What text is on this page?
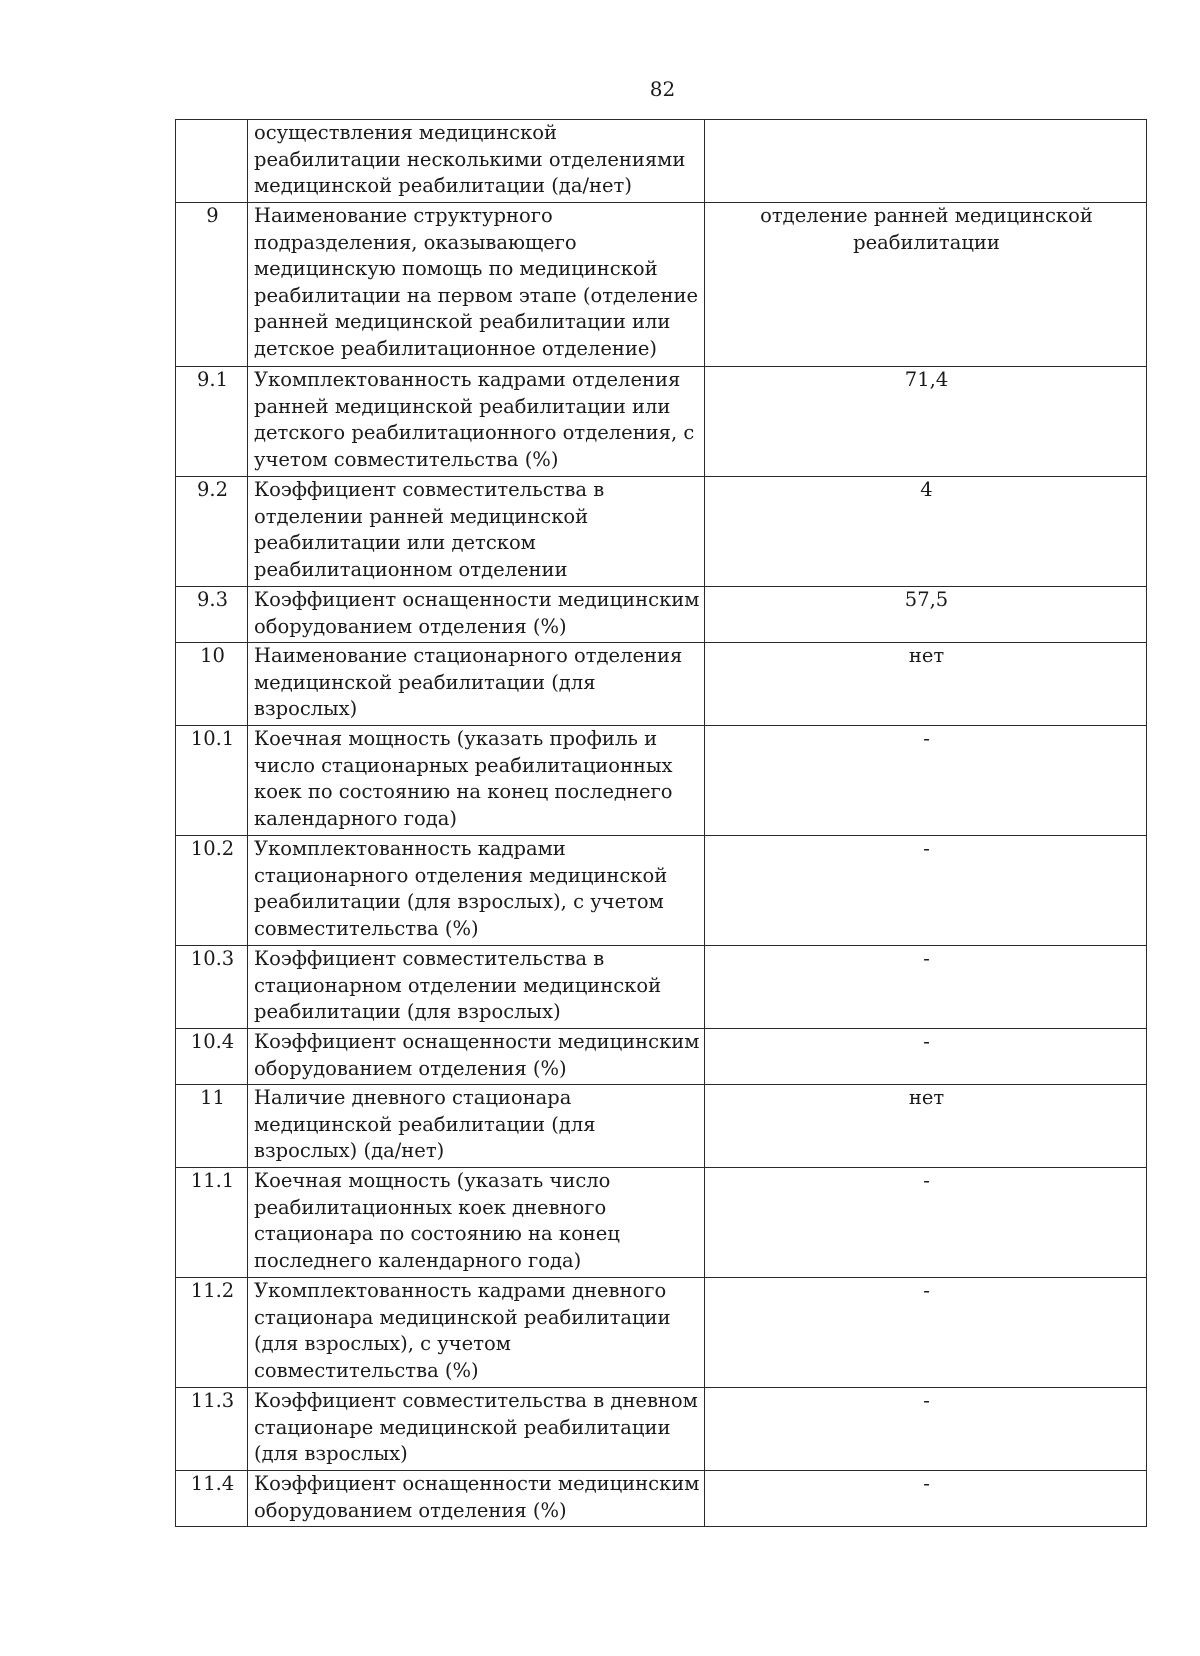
82

	осуществления медицинской реабилитации несколькими отделениями медицинской реабилитации (да/нет)	

9	Наименование структурного подразделения, оказывающего медицинскую помощь по медицинской реабилитации на первом этапе (отделение ранней медицинской реабилитации или детское реабилитационное отделение)	отделение ранней медицинской реабилитации

9.1	Укомплектованность кадрами отделения ранней медицинской реабилитации или детского реабилитационного отделения, с учетом совместительства (%)	71,4

9.2	Коэффициент совместительства в отделении ранней медицинской реабилитации или детском реабилитационном отделении	4

9.3	Коэффициент оснащенности медицинским оборудованием отделения (%)	57,5

10	Наименование стационарного отделения медицинской реабилитации (для взрослых)	нет

10.1	Коечная мощность (указать профиль и число стационарных реабилитационных коек по состоянию на конец последнего календарного года)	-

10.2	Укомплектованность кадрами стационарного отделения медицинской реабилитации (для взрослых), с учетом совместительства (%)	-

10.3	Коэффициент совместительства в стационарном отделении медицинской реабилитации (для взрослых)	-

10.4	Коэффициент оснащенности медицинским оборудованием отделения (%)	-

11	Наличие дневного стационара медицинской реабилитации (для взрослых) (да/нет)	нет

11.1	Коечная мощность (указать число реабилитационных коек дневного стационара по состоянию на конец последнего календарного года)	-

11.2	Укомплектованность кадрами дневного стационара медицинской реабилитации (для взрослых), с учетом совместительства (%)	-

11.3	Коэффициент совместительства в дневном стационаре медицинской реабилитации (для взрослых)	-

11.4	Коэффициент оснащенности медицинским оборудованием отделения (%)	-
